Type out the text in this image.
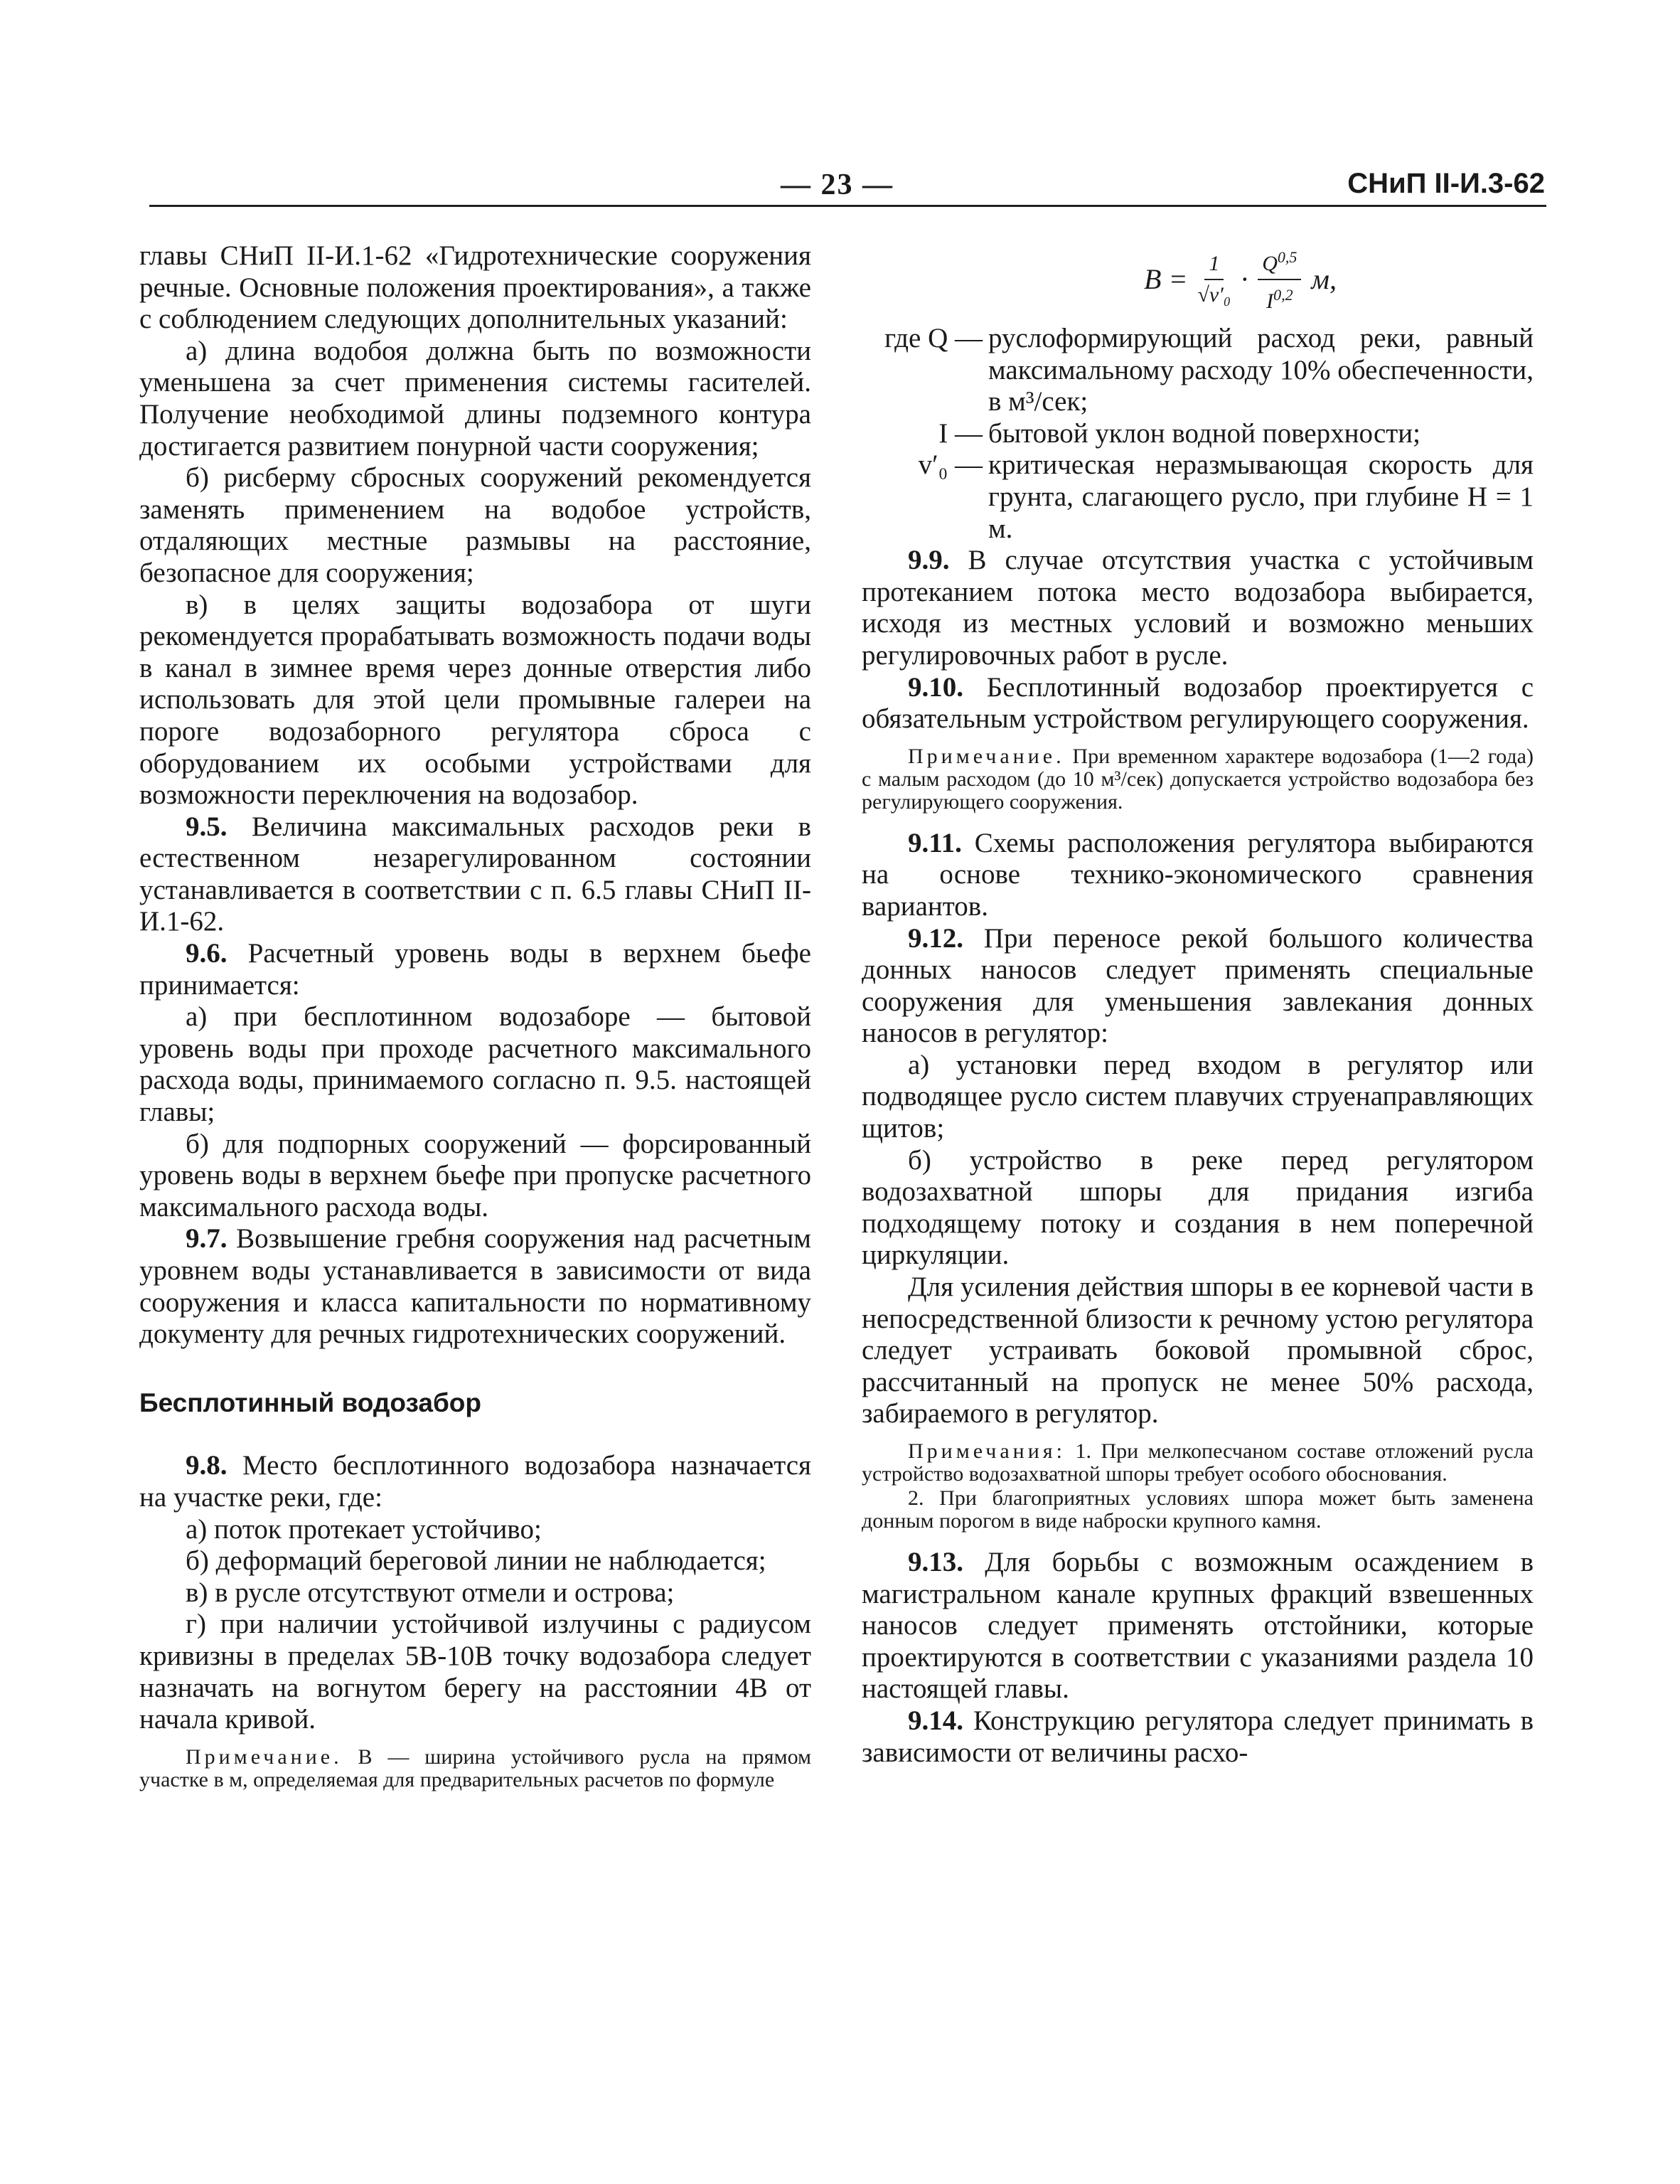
— 23 —	СНиП II-И.3-62

главы СНиП II-И.1-62 «Гидротехнические сооружения речные. Основные положения проектирования», а также с соблюдением следующих дополнительных указаний:

а) длина водобоя должна быть по возможности уменьшена за счет применения системы гасителей. Получение необходимой длины подземного контура достигается развитием понурной части сооружения;

б) рисберму сбросных сооружений рекомендуется заменять применением на водобое устройств, отдаляющих местные размывы на расстояние, безопасное для сооружения;

в) в целях защиты водозабора от шуги рекомендуется прорабатывать возможность подачи воды в канал в зимнее время через донные отверстия либо использовать для этой цели промывные галереи на пороге водозаборного регулятора сброса с оборудованием их особыми устройствами для возможности переключения на водозабор.

9.5. Величина максимальных расходов реки в естественном незарегулированном состоянии устанавливается в соответствии с п. 6.5 главы СНиП II-И.1-62.

9.6. Расчетный уровень воды в верхнем бьефе принимается:

а) при бесплотинном водозаборе — бытовой уровень воды при проходе расчетного максимального расхода воды, принимаемого согласно п. 9.5. настоящей главы;

б) для подпорных сооружений — форсированный уровень воды в верхнем бьефе при пропуске расчетного максимального расхода воды.

9.7. Возвышение гребня сооружения над расчетным уровнем воды устанавливается в зависимости от вида сооружения и класса капитальности по нормативному документу для речных гидротехнических сооружений.

Бесплотинный водозабор

9.8. Место бесплотинного водозабора назначается на участке реки, где:

а) поток протекает устойчиво;

б) деформаций береговой линии не наблюдается;

в) в русле отсутствуют отмели и острова;

г) при наличии устойчивой излучины с радиусом кривизны в пределах 5В-10В точку водозабора следует назначать на вогнутом берегу на расстоянии 4В от начала кривой.

Примечание. В — ширина устойчивого русла на прямом участке в м, определяемая для предварительных расчетов по формуле

$B = \frac{1}{\text{√v′₀}} \cdot \frac{Q^{0,5}}{I^{0,2}} м$,
где Q — руслоформирующий расход реки, равный максимальному расходу 10% обеспеченности, в м³/сек;
I — бытовой уклон водной поверхности;
v′₀ — критическая неразмывающая скорость для грунта, слагающего русло, при глубине H = 1 м.

9.9. В случае отсутствия участка с устойчивым протеканием потока место водозабора выбирается, исходя из местных условий и возможно меньших регулировочных работ в русле.

9.10. Бесплотинный водозабор проектируется с обязательным устройством регулирующего сооружения.

Примечание. При временном характере водозабора (1—2 года) с малым расходом (до 10 м³/сек) допускается устройство водозабора без регулирующего сооружения.

9.11. Схемы расположения регулятора выбираются на основе технико-экономического сравнения вариантов.

9.12. При переносе рекой большого количества донных наносов следует применять специальные сооружения для уменьшения завлекания донных наносов в регулятор:

а) установки перед входом в регулятор или подводящее русло систем плавучих струенаправляющих щитов;

б) устройство в реке перед регулятором водозахватной шпоры для придания изгиба подходящему потоку и создания в нем поперечной циркуляции.

Для усиления действия шпоры в ее корневой части в непосредственной близости к речному устою регулятора следует устраивать боковой промывной сброс, рассчитанный на пропуск не менее 50% расхода, забираемого в регулятор.

Примечания: 1. При мелкопесчаном составе отложений русла устройство водозахватной шпоры требует особого обоснования.

2. При благоприятных условиях шпора может быть заменена донным порогом в виде наброски крупного камня.

9.13. Для борьбы с возможным осаждением в магистральном канале крупных фракций взвешенных наносов следует применять отстойники, которые проектируются в соответствии с указаниями раздела 10 настоящей главы.

9.14. Конструкцию регулятора следует принимать в зависимости от величины расхо-
